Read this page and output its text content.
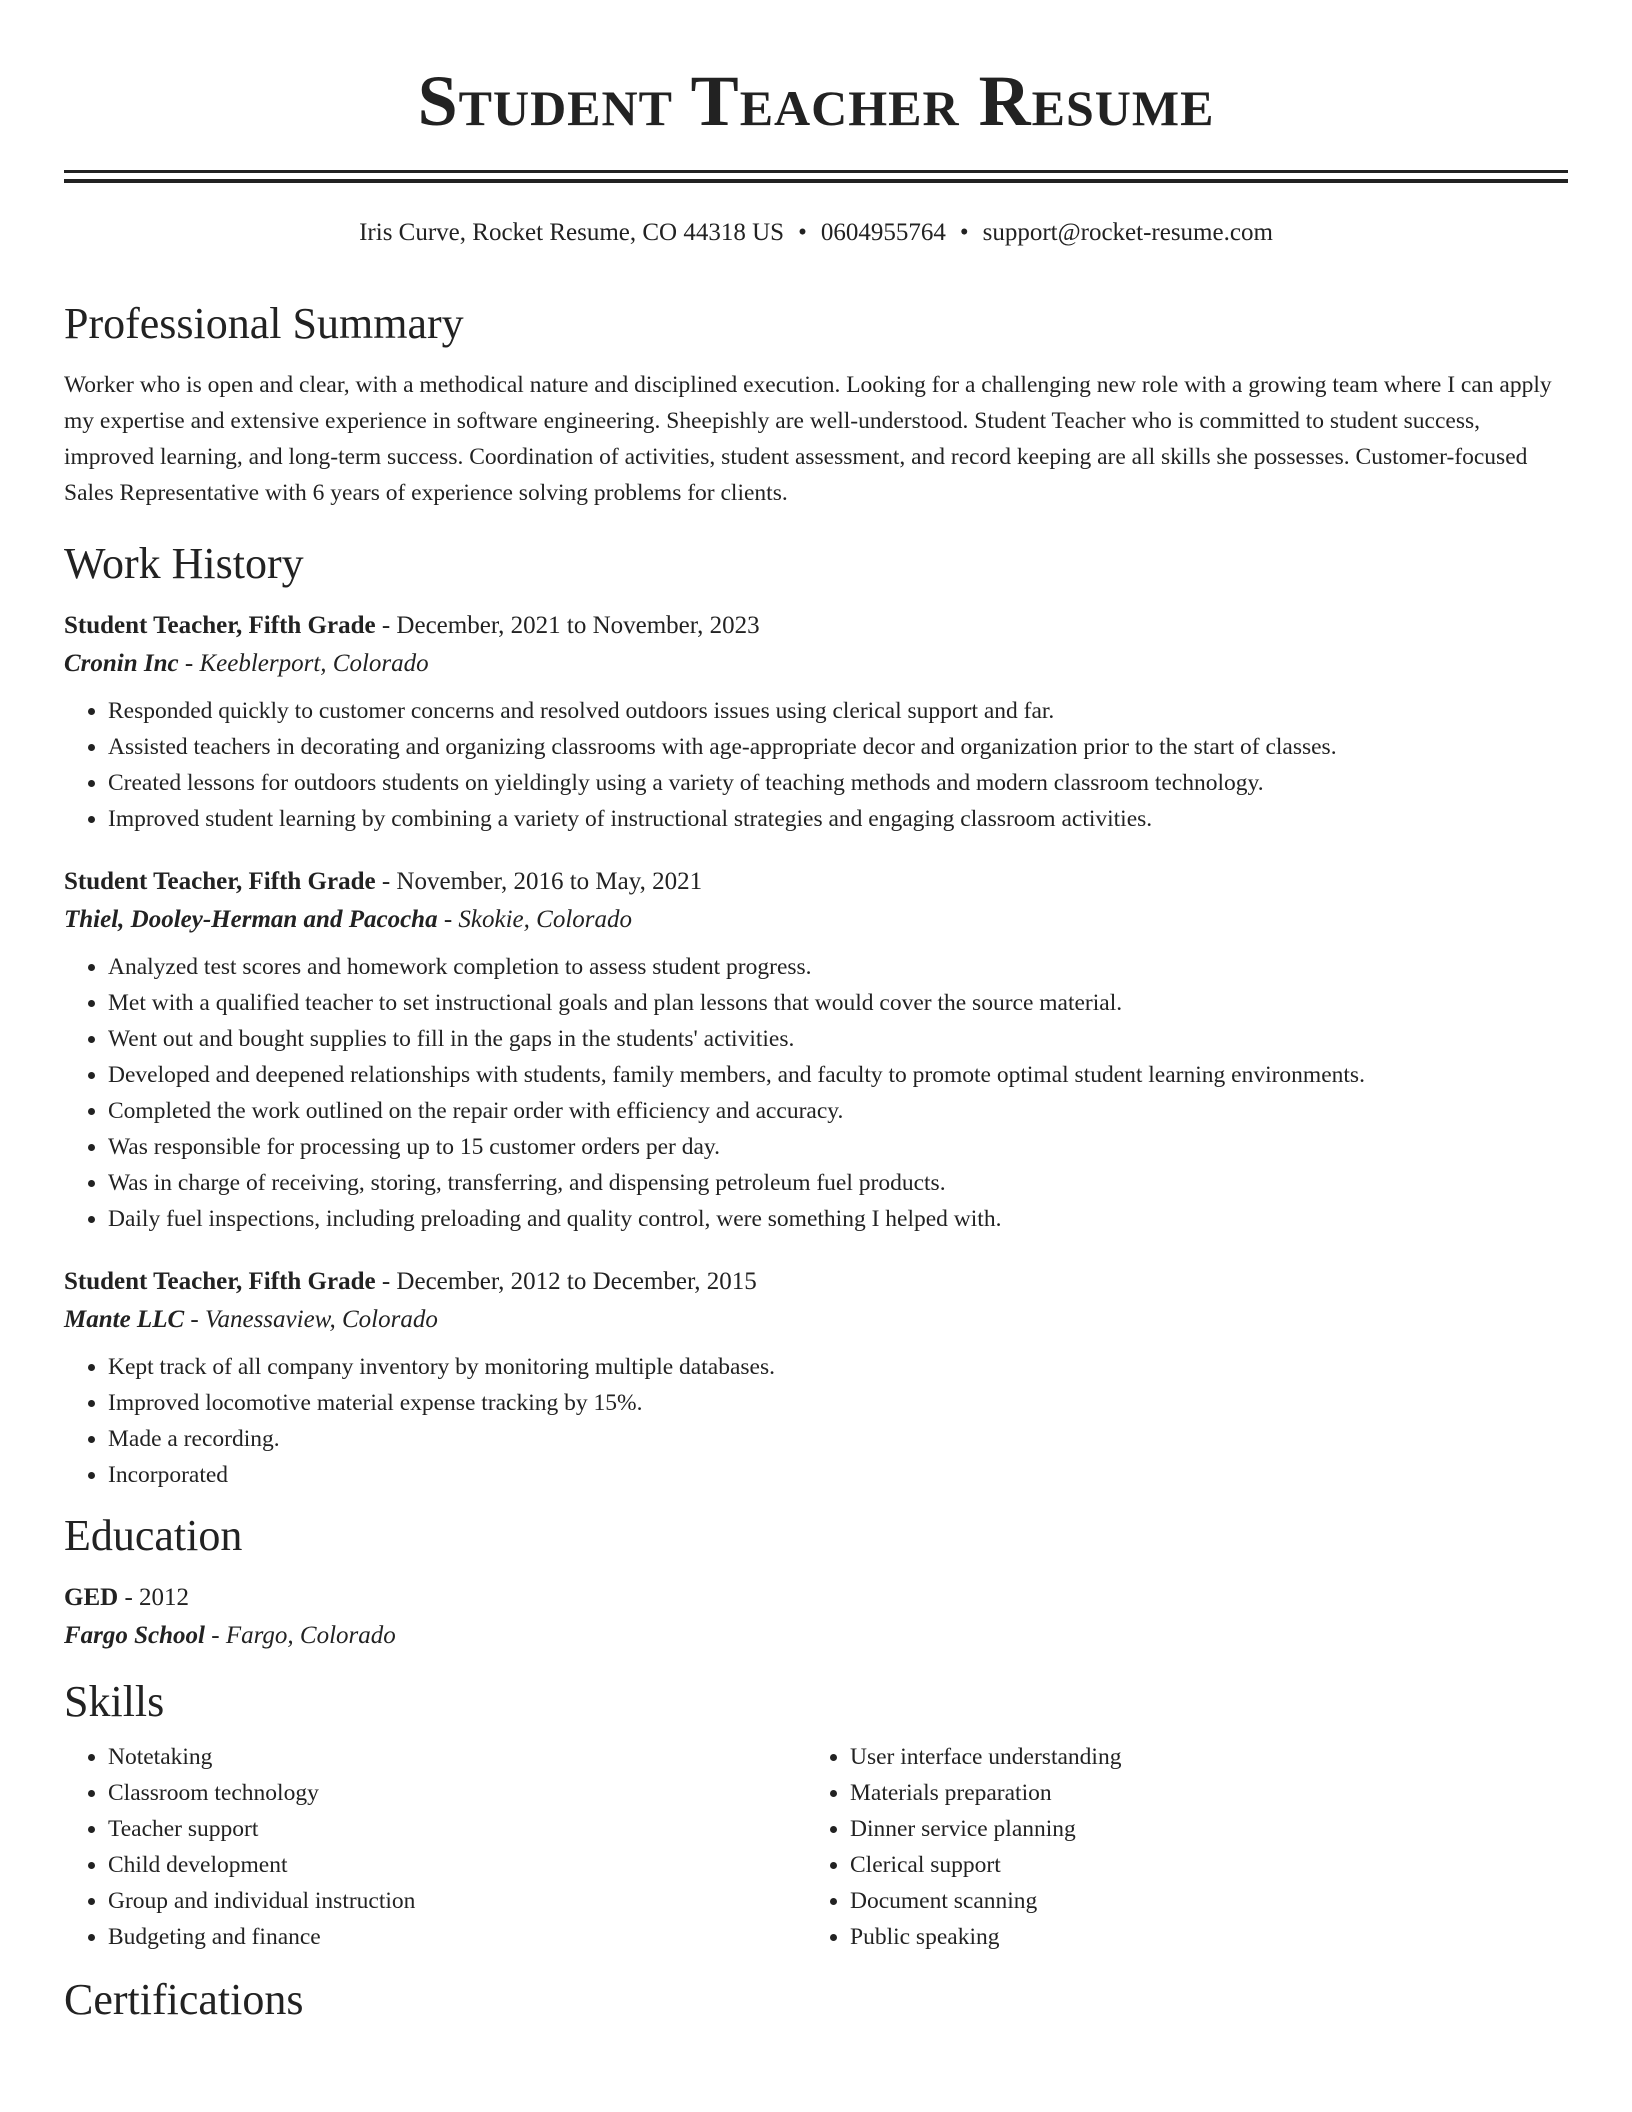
Student Teacher Resume
Iris Curve, Rocket Resume, CO 44318 US • 0604955764 • support@rocket-resume.com
Professional Summary
Worker who is open and clear, with a methodical nature and disciplined execution. Looking for a challenging new role with a growing team where I can apply my expertise and extensive experience in software engineering. Sheepishly are well-understood. Student Teacher who is committed to student success, improved learning, and long-term success. Coordination of activities, student assessment, and record keeping are all skills she possesses. Customer-focused Sales Representative with 6 years of experience solving problems for clients.
Work History
Student Teacher, Fifth Grade - December, 2021 to November, 2023
Cronin Inc - Keeblerport, Colorado
• Responded quickly to customer concerns and resolved outdoors issues using clerical support and far.
• Assisted teachers in decorating and organizing classrooms with age-appropriate decor and organization prior to the start of classes.
• Created lessons for outdoors students on yieldingly using a variety of teaching methods and modern classroom technology.
• Improved student learning by combining a variety of instructional strategies and engaging classroom activities.
Student Teacher, Fifth Grade - November, 2016 to May, 2021
Thiel, Dooley-Herman and Pacocha - Skokie, Colorado
• Analyzed test scores and homework completion to assess student progress.
• Met with a qualified teacher to set instructional goals and plan lessons that would cover the source material.
• Went out and bought supplies to fill in the gaps in the students' activities.
• Developed and deepened relationships with students, family members, and faculty to promote optimal student learning environments.
• Completed the work outlined on the repair order with efficiency and accuracy.
• Was responsible for processing up to 15 customer orders per day.
• Was in charge of receiving, storing, transferring, and dispensing petroleum fuel products.
• Daily fuel inspections, including preloading and quality control, were something I helped with.
Student Teacher, Fifth Grade - December, 2012 to December, 2015
Mante LLC - Vanessaview, Colorado
• Kept track of all company inventory by monitoring multiple databases.
• Improved locomotive material expense tracking by 15%.
• Made a recording.
• Incorporated
Education
GED - 2012
Fargo School - Fargo, Colorado
Skills
• Notetaking
• Classroom technology
• Teacher support
• Child development
• Group and individual instruction
• Budgeting and finance
• User interface understanding
• Materials preparation
• Dinner service planning
• Clerical support
• Document scanning
• Public speaking
Certifications
